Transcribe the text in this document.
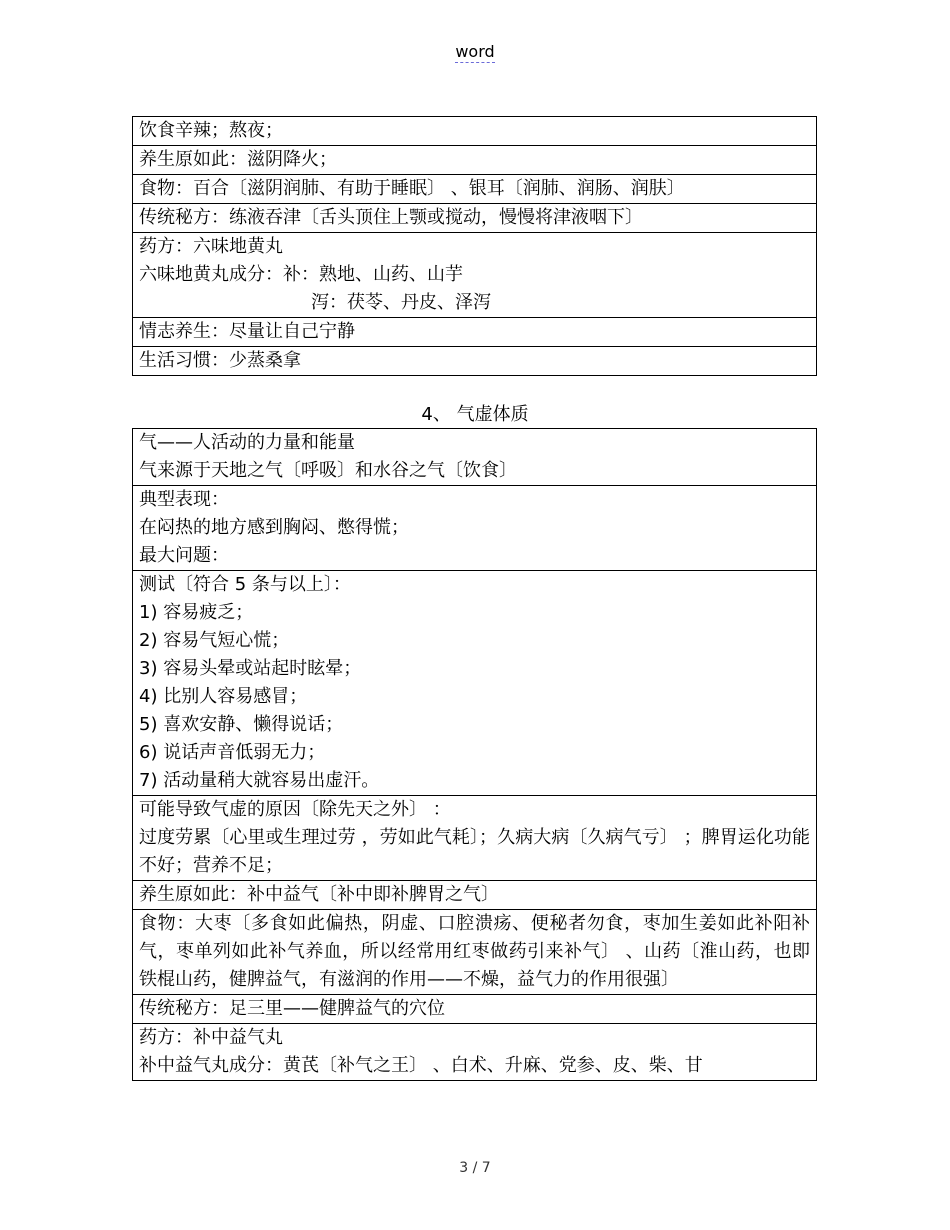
word
饮食辛辣；熬夜；

养生原如此：滋阴降火；

食物：百合〔滋阴润肺、有助于睡眠〕 、银耳〔润肺、润肠、润肤〕

传统秘方：练液吞津〔舌头顶住上颚或搅动，慢慢将津液咽下〕

药方：六味地黄丸
六味地黄丸成分：补：熟地、山药、山芋
泻：茯苓、丹皮、泽泻

情志养生：尽量让自己宁静

生活习惯：少蒸桑拿
4、 气虚体质
气——人活动的力量和能量
气来源于天地之气〔呼吸〕和水谷之气〔饮食〕

典型表现：
在闷热的地方感到胸闷、憋得慌；
最大问题：

测试〔符合 5 条与以上〕：
1) 容易疲乏；
2) 容易气短心慌；
3) 容易头晕或站起时眩晕；
4) 比别人容易感冒；
5) 喜欢安静、懒得说话；
6) 说话声音低弱无力；
7) 活动量稍大就容易出虚汗。

可能导致气虚的原因〔除先天之外〕 ：
过度劳累〔心里或生理过劳 ，劳如此气耗〕；久病大病〔久病气亏〕 ；脾胃运化功能不好；营养不足；

养生原如此：补中益气〔补中即补脾胃之气〕

食物：大枣〔多食如此偏热，阴虚、口腔溃疡、便秘者勿食，枣加生姜如此补阳补气，枣单列如此补气养血，所以经常用红枣做药引来补气〕 、山药〔淮山药，也即铁棍山药，健脾益气，有滋润的作用——不燥，益气力的作用很强〕

传统秘方：足三里——健脾益气的穴位

药方：补中益气丸
补中益气丸成分：黄芪〔补气之王〕 、白术、升麻、党参、皮、柴、甘
3 / 7
